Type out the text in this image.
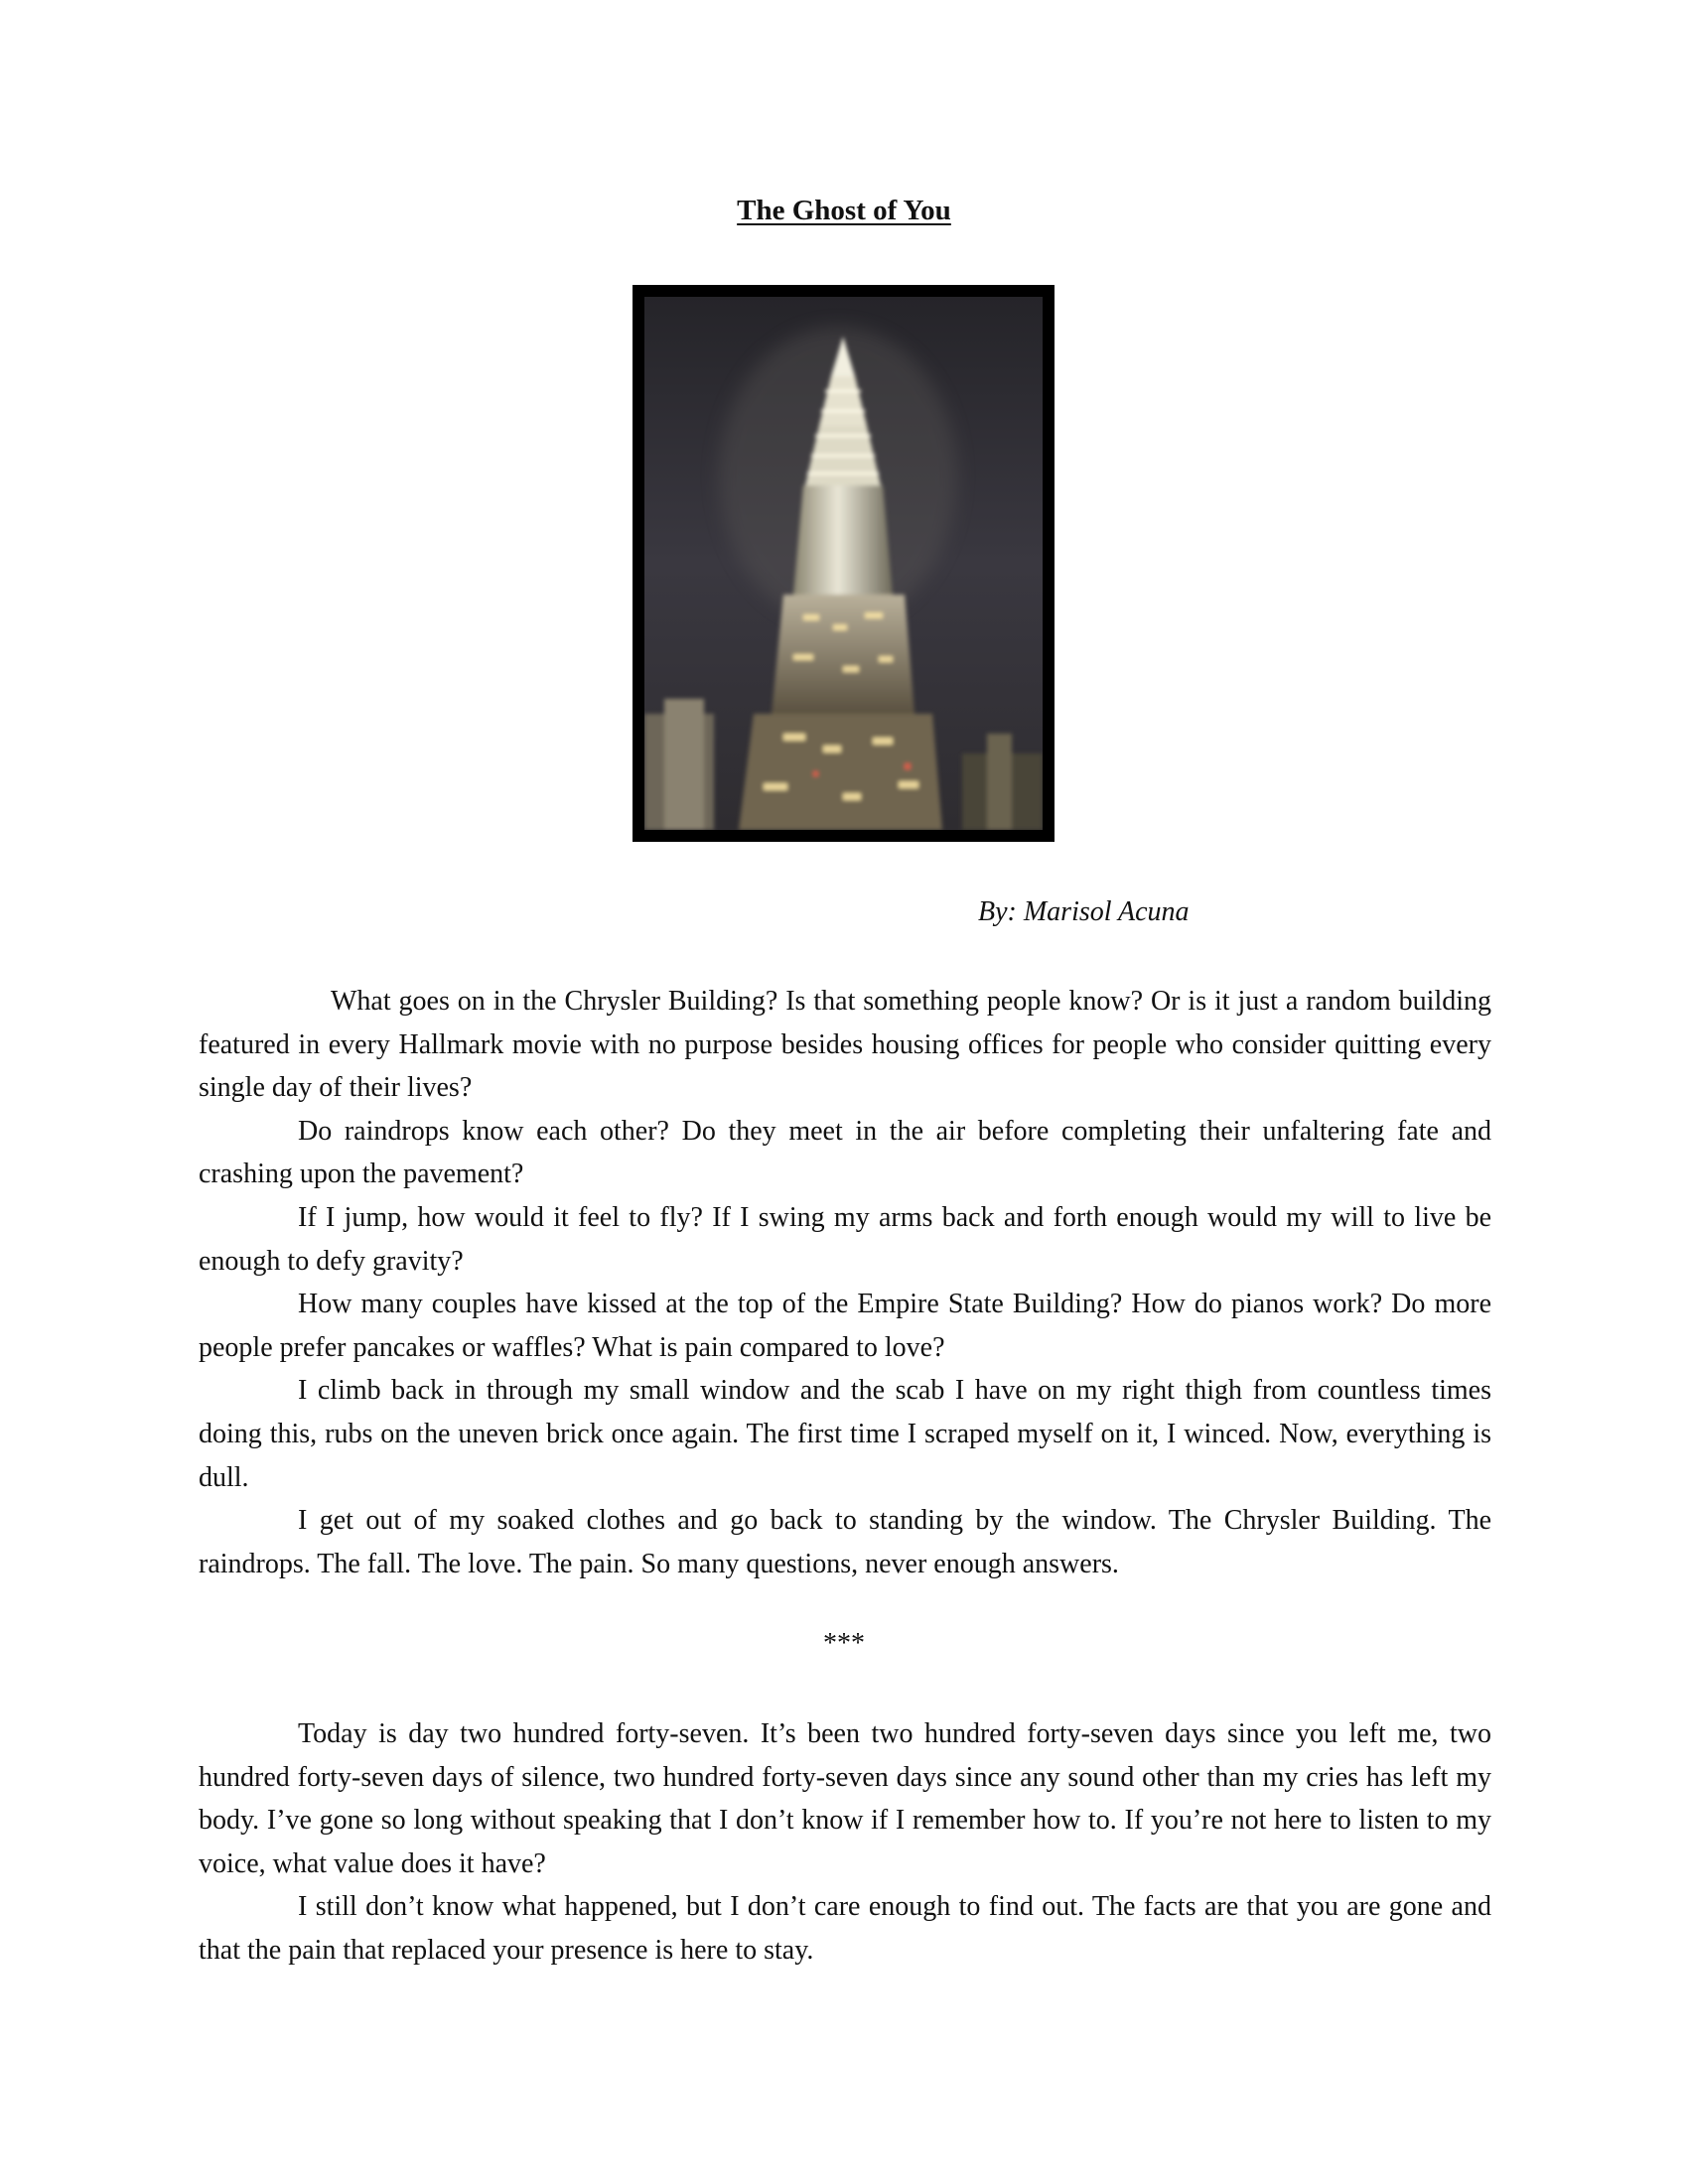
The Ghost of You

By: Marisol Acuna

What goes on in the Chrysler Building? Is that something people know? Or is it just a random building featured in every Hallmark movie with no purpose besides housing offices for people who consider quitting every single day of their lives?

Do raindrops know each other? Do they meet in the air before completing their unfaltering fate and crashing upon the pavement?

If I jump, how would it feel to fly? If I swing my arms back and forth enough would my will to live be enough to defy gravity?

How many couples have kissed at the top of the Empire State Building? How do pianos work? Do more people prefer pancakes or waffles? What is pain compared to love?

I climb back in through my small window and the scab I have on my right thigh from countless times doing this, rubs on the uneven brick once again. The first time I scraped myself on it, I winced. Now, everything is dull.

I get out of my soaked clothes and go back to standing by the window. The Chrysler Building. The raindrops. The fall. The love. The pain. So many questions, never enough answers.

***

Today is day two hundred forty-seven. It’s been two hundred forty-seven days since you left me, two hundred forty-seven days of silence, two hundred forty-seven days since any sound other than my cries has left my body. I’ve gone so long without speaking that I don’t know if I remember how to. If you’re not here to listen to my voice, what value does it have?

I still don’t know what happened, but I don’t care enough to find out. The facts are that you are gone and that the pain that replaced your presence is here to stay.
